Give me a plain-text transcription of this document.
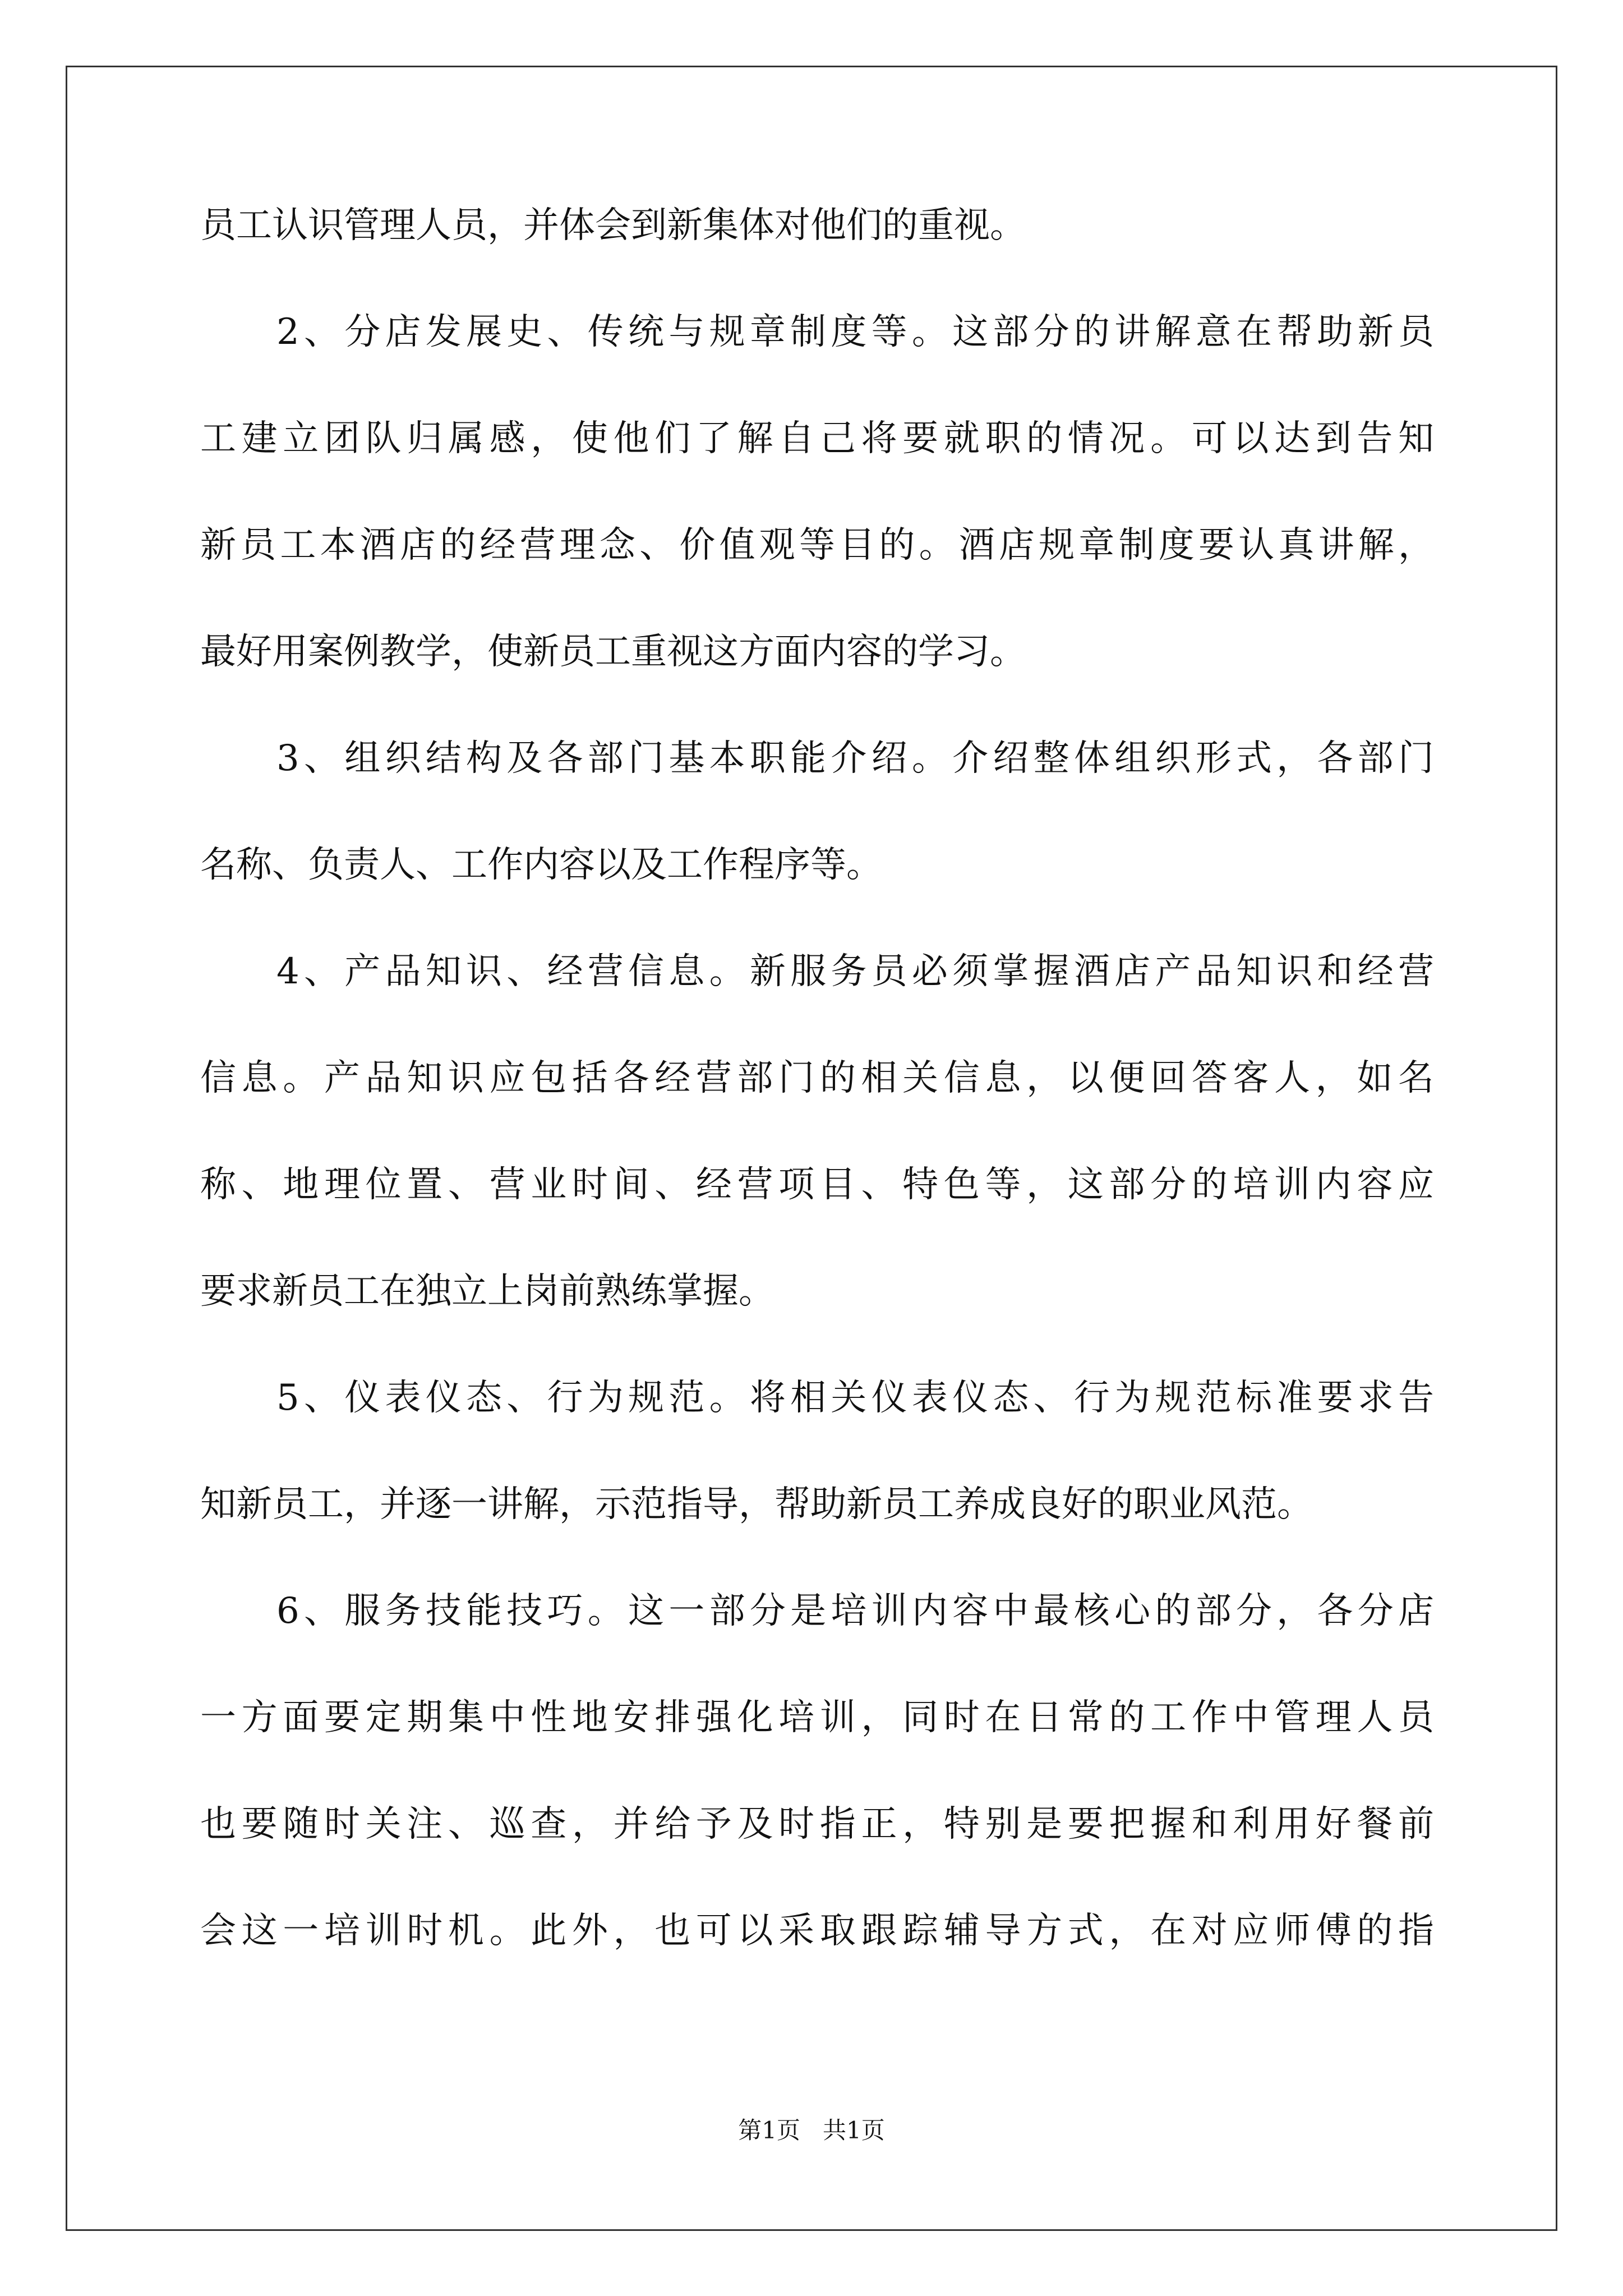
员工认识管理人员，并体会到新集体对他们的重视。
2、分店发展史、传统与规章制度等。这部分的讲解意在帮助新员
工建立团队归属感，使他们了解自己将要就职的情况。可以达到告知
新员工本酒店的经营理念、价值观等目的。酒店规章制度要认真讲解，
最好用案例教学，使新员工重视这方面内容的学习。
3、组织结构及各部门基本职能介绍。介绍整体组织形式，各部门
名称、负责人、工作内容以及工作程序等。
4、产品知识、经营信息。新服务员必须掌握酒店产品知识和经营
信息。产品知识应包括各经营部门的相关信息，以便回答客人，如名
称、地理位置、营业时间、经营项目、特色等，这部分的培训内容应
要求新员工在独立上岗前熟练掌握。
5、仪表仪态、行为规范。将相关仪表仪态、行为规范标准要求告
知新员工，并逐一讲解，示范指导，帮助新员工养成良好的职业风范。
6、服务技能技巧。这一部分是培训内容中最核心的部分，各分店
一方面要定期集中性地安排强化培训，同时在日常的工作中管理人员
也要随时关注、巡查，并给予及时指正，特别是要把握和利用好餐前
会这一培训时机。此外，也可以采取跟踪辅导方式，在对应师傅的指
第1页   共1页
